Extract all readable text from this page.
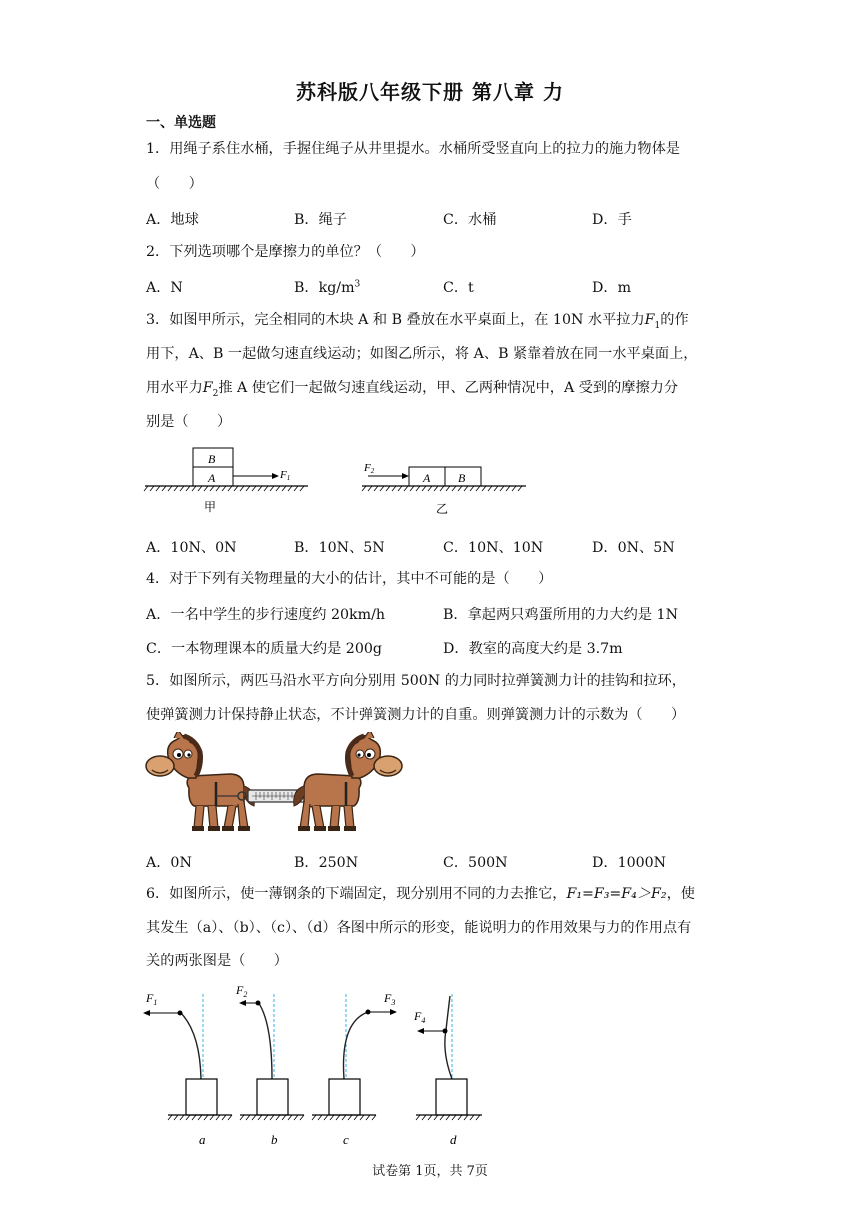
苏科版八年级下册 第八章 力
一、单选题
1．用绳子系住水桶，手握住绳子从井里提水。水桶所受竖直向上的拉力的施力物体是
（　　）
A．地球	B．绳子	C．水桶	D．手
2．下列选项哪个是摩擦力的单位？（　　）
A．N	B．$kg/m^3$	C．t	D．m
3．如图甲所示，完全相同的木块 A 和 B 叠放在水平桌面上，在 10N 水平拉力$F_1$的作
用下，A、B 一起做匀速直线运动；如图乙所示，将 A、B 紧靠着放在同一水平桌面上，
用水平力$F_2$推 A 使它们一起做匀速直线运动，甲、乙两种情况中，A 受到的摩擦力分
别是（　　）
B
A	F1
甲
F2	A B
乙
A．10N、0N	B．10N、5N	C．10N、10N	D．0N、5N
4．对于下列有关物理量的大小的估计，其中不可能的是（　　）
A．一名中学生的步行速度约 20km/h	B．拿起两只鸡蛋所用的力大约是 1N
C．一本物理课本的质量大约是 200g	D．教室的高度大约是 3.7m
5．如图所示，两匹马沿水平方向分别用 500N 的力同时拉弹簧测力计的挂钩和拉环，
使弹簧测力计保持静止状态，不计弹簧测力计的自重。则弹簧测力计的示数为（　　）
A．0N	B．250N	C．500N	D．1000N
6．如图所示，使一薄钢条的下端固定，现分别用不同的力去推它，F₁=F₃=F₄＞F₂，使
其发生（a）、（b）、（c）、（d）各图中所示的形变，能说明力的作用效果与力的作用点有
关的两张图是（　　）
$F_1$
a
$F_2$
b
$F_3$
c
$F_4$
d
试卷第 1页，共 7页
